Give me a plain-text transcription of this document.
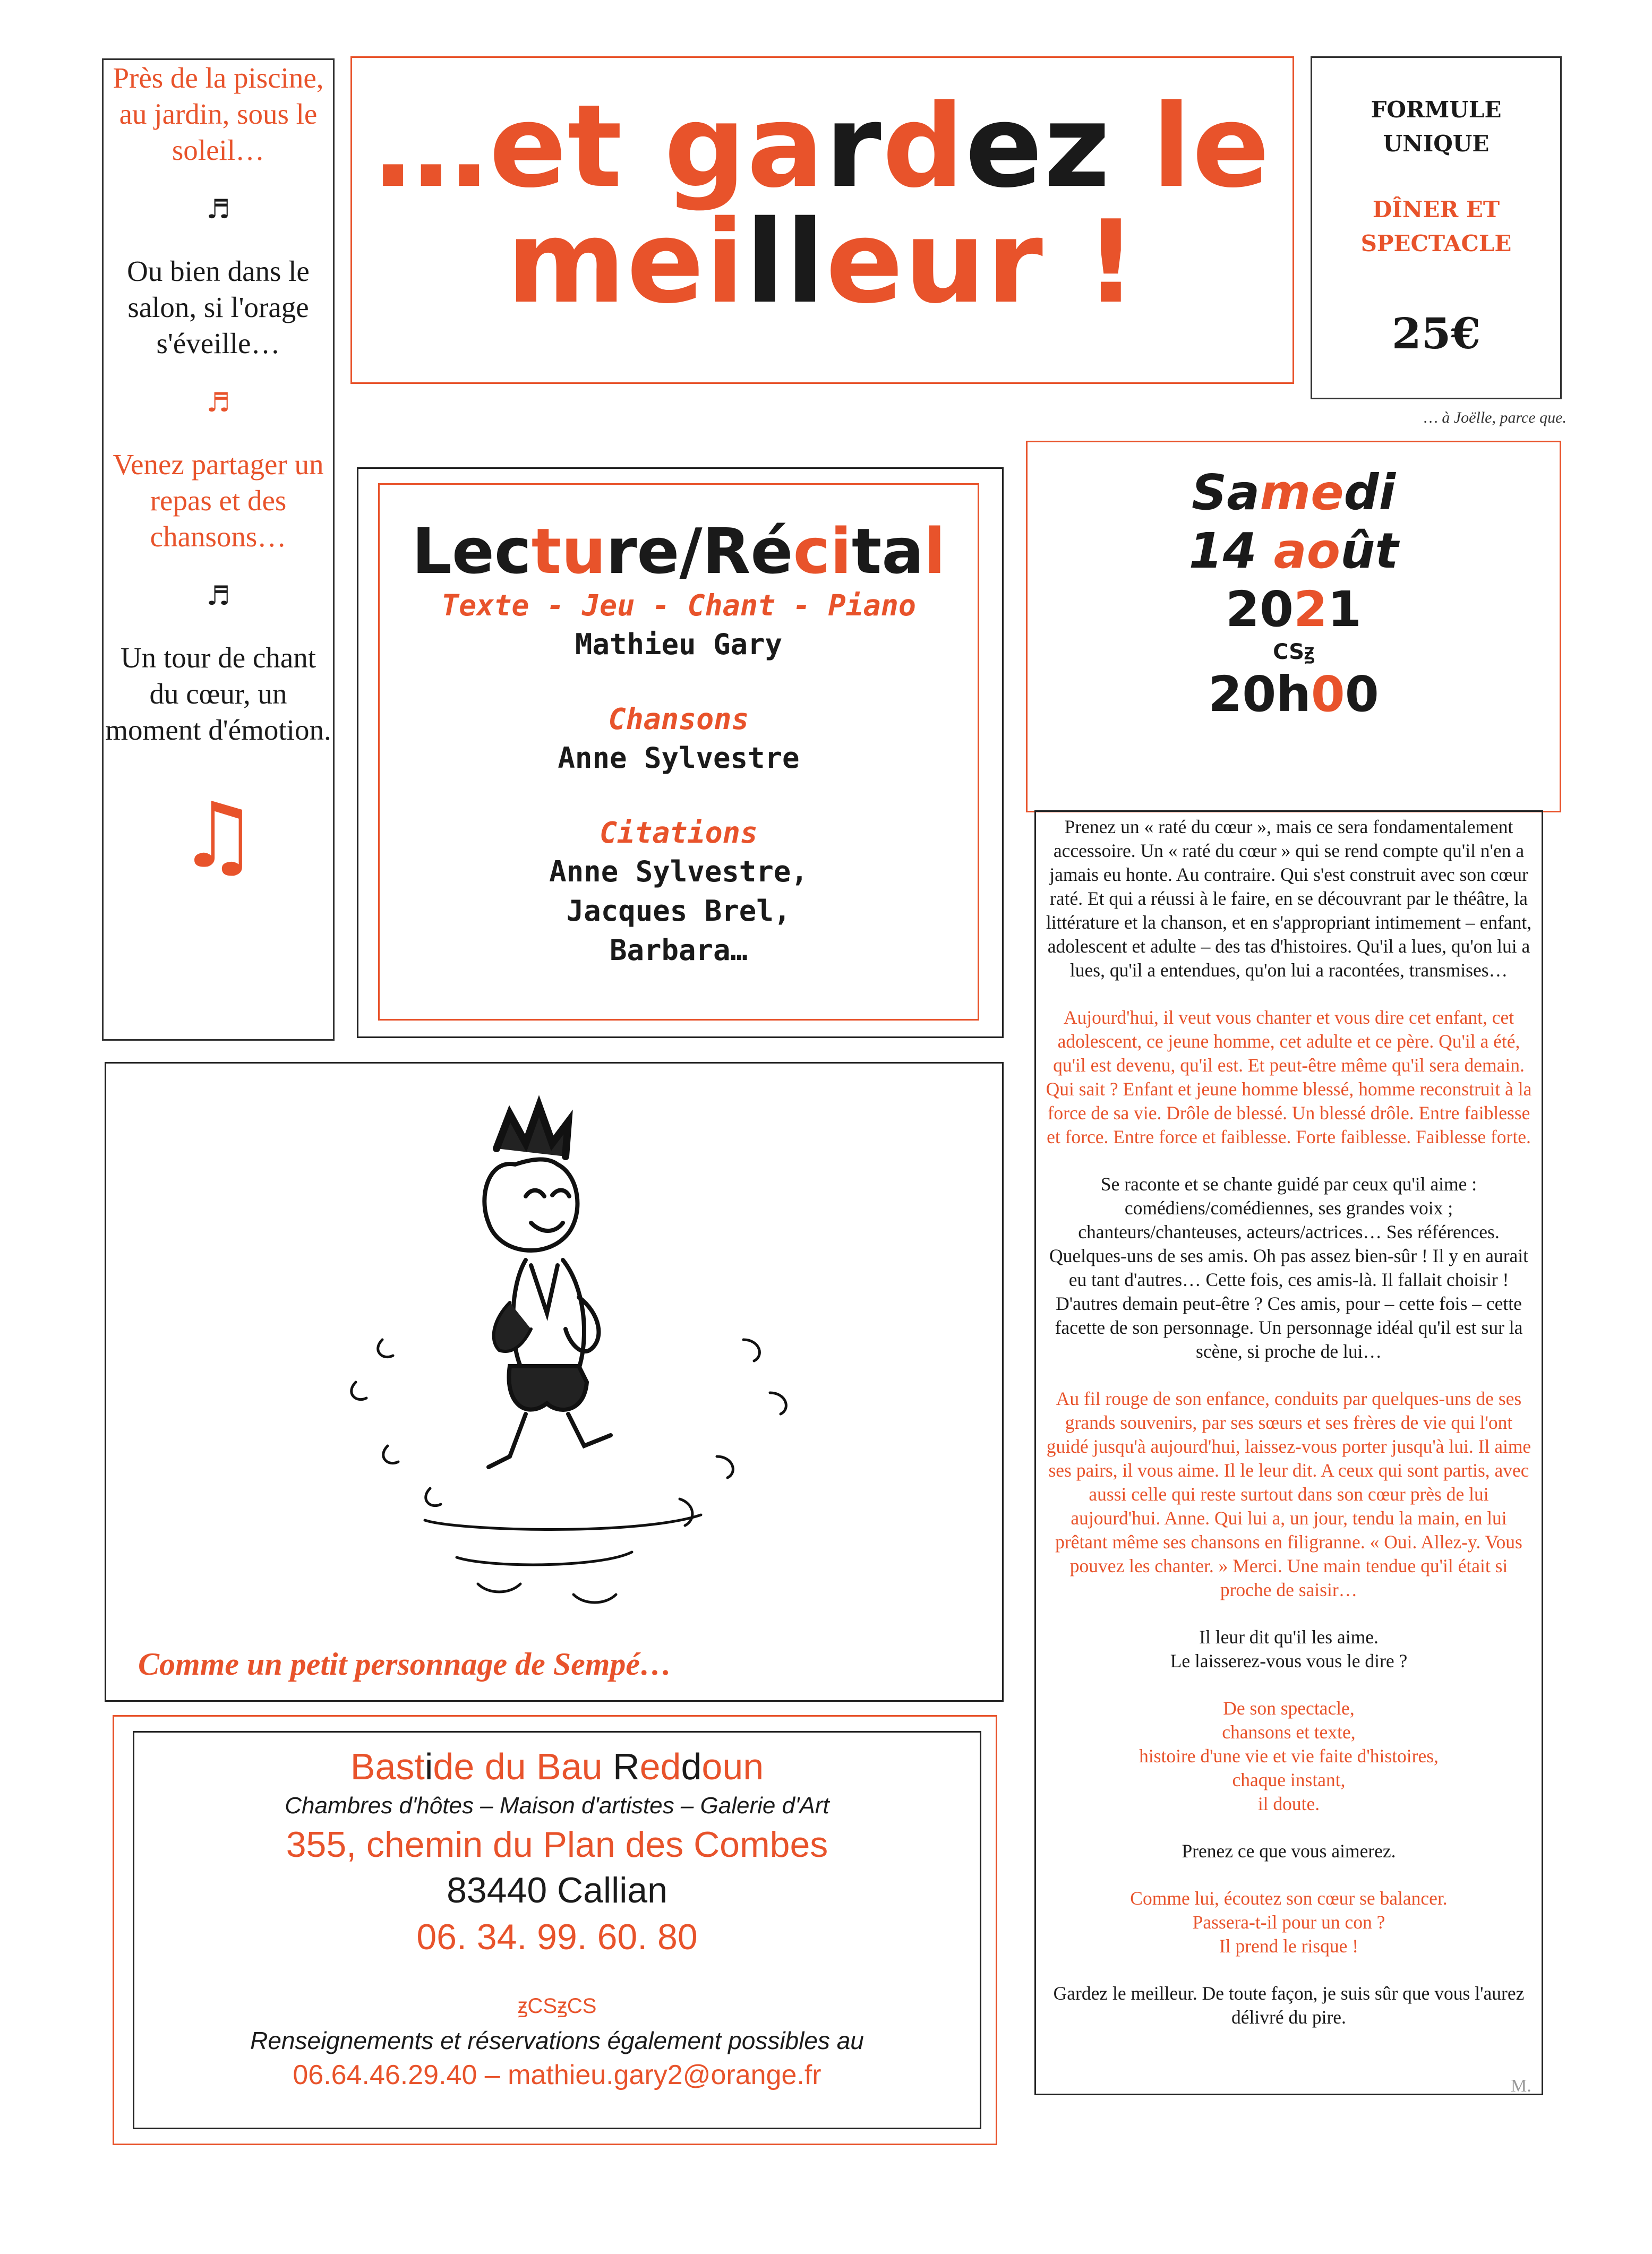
Près de la piscine, au jardin, sous le soleil…

♬

Ou bien dans le salon, si l'orage s'éveille…

♬

Venez partager un repas et des chansons…

♬

Un tour de chant du cœur, un moment d'émotion.

♫
…et gardez le
meilleur !
FORMULE
UNIQUE
DÎNER ET
SPECTACLE
25€
… à Joëlle, parce que.
Lecture/Récital
Texte - Jeu - Chant - Piano
Mathieu Gary
Chansons
Anne Sylvestre
Citations
Anne Sylvestre,
Jacques Brel,
Barbara…
Samedi
14 août
2021
CSꙃ
20h00
Comme un petit personnage de Sempé…
Bastide du Bau Reddoun
Chambres d'hôtes – Maison d'artistes – Galerie d'Art
355, chemin du Plan des Combes
83440 Callian
06. 34. 99. 60. 80
ꙃCSꙃCS
Renseignements et réservations également possibles au
06.64.46.29.40 – mathieu.gary2@orange.fr

Prenez un « raté du cœur », mais ce sera fondamentalement accessoire. Un « raté du cœur » qui se rend compte qu'il n'en a jamais eu honte. Au contraire. Qui s'est construit avec son cœur raté. Et qui a réussi à le faire, en se découvrant par le théâtre, la littérature et la chanson, et en s'appropriant intimement – enfant, adolescent et adulte – des tas d'histoires. Qu'il a lues, qu'on lui a lues, qu'il a entendues, qu'on lui a racontées, transmises…

Aujourd'hui, il veut vous chanter et vous dire cet enfant, cet adolescent, ce jeune homme, cet adulte et ce père. Qu'il a été, qu'il est devenu, qu'il est. Et peut-être même qu'il sera demain. Qui sait ? Enfant et jeune homme blessé, homme reconstruit à la force de sa vie. Drôle de blessé. Un blessé drôle. Entre faiblesse et force. Entre force et faiblesse. Forte faiblesse. Faiblesse forte.

Se raconte et se chante guidé par ceux qu'il aime : comédiens/comédiennes, ses grandes voix ; chanteurs/chanteuses, acteurs/actrices… Ses références. Quelques-uns de ses amis. Oh pas assez bien-sûr ! Il y en aurait eu tant d'autres… Cette fois, ces amis-là. Il fallait choisir ! D'autres demain peut-être ? Ces amis, pour – cette fois – cette facette de son personnage. Un personnage idéal qu'il est sur la scène, si proche de lui…

Au fil rouge de son enfance, conduits par quelques-uns de ses grands souvenirs, par ses sœurs et ses frères de vie qui l'ont guidé jusqu'à aujourd'hui, laissez-vous porter jusqu'à lui. Il aime ses pairs, il vous aime. Il le leur dit. A ceux qui sont partis, avec aussi celle qui reste surtout dans son cœur près de lui aujourd'hui. Anne. Qui lui a, un jour, tendu la main, en lui prêtant même ses chansons en filigranne. « Oui. Allez-y. Vous pouvez les chanter. » Merci. Une main tendue qu'il était si proche de saisir…

Il leur dit qu'il les aime.
Le laisserez-vous vous le dire ?

De son spectacle,
chansons et texte,
histoire d'une vie et vie faite d'histoires,
chaque instant,
il doute.

Prenez ce que vous aimerez.

Comme lui, écoutez son cœur se balancer.
Passera-t-il pour un con ?
Il prend le risque !

Gardez le meilleur. De toute façon, je suis sûr que vous l'aurez délivré du pire.

M.
